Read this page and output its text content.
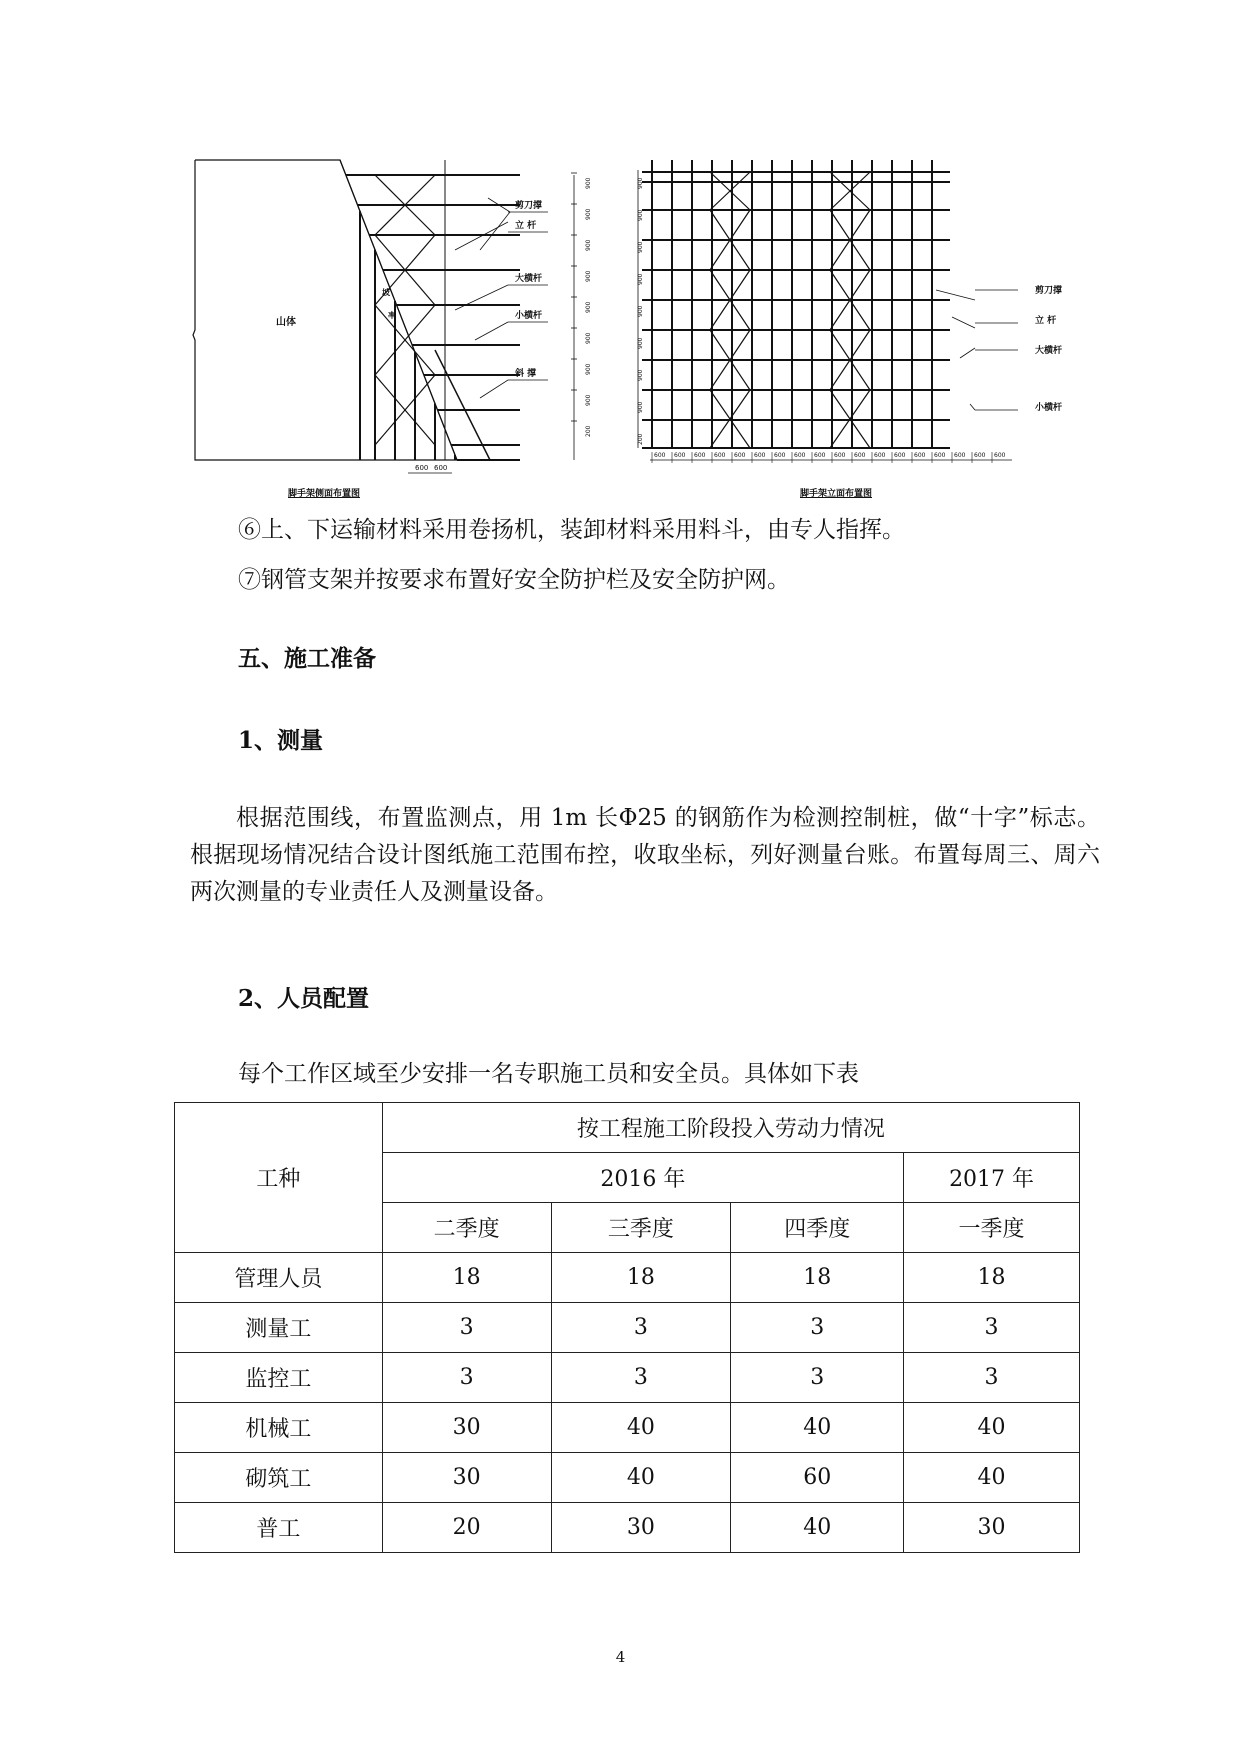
山体
坡
率
剪刀撑
立 杆
大横杆
小横杆
斜 撑
900
900
900
900
900
900
900
900
200
600 600
脚手架侧面布置图
剪刀撑
立 杆
大横杆
小横杆
900
900
900
900
900
900
900
900
200
600 600 600 600 600 600 600 600 600 600 600 600 600 600 600 600 600 600
脚手架立面布置图

⑥上、下运输材料采用卷扬机，装卸材料采用料斗，由专人指挥。

⑦钢管支架并按要求布置好安全防护栏及安全防护网。

五、施工准备
1、测量

根据范围线，布置监测点，用 1m 长Φ25 的钢筋作为检测控制桩，做“十字”标志。根据现场情况结合设计图纸施工范围布控，收取坐标，列好测量台账。布置每周三、周六两次测量的专业责任人及测量设备。

2、人员配置

每个工作区域至少安排一名专职施工员和安全员。具体如下表

工种	按工程施工阶段投入劳动力情况			
	2016 年			2017 年
	二季度	三季度	四季度	一季度
管理人员	18	18	18	18
测量工	3	3	3	3
监控工	3	3	3	3
机械工	30	40	40	40
砌筑工	30	40	60	40
普工	20	30	40	30
4
